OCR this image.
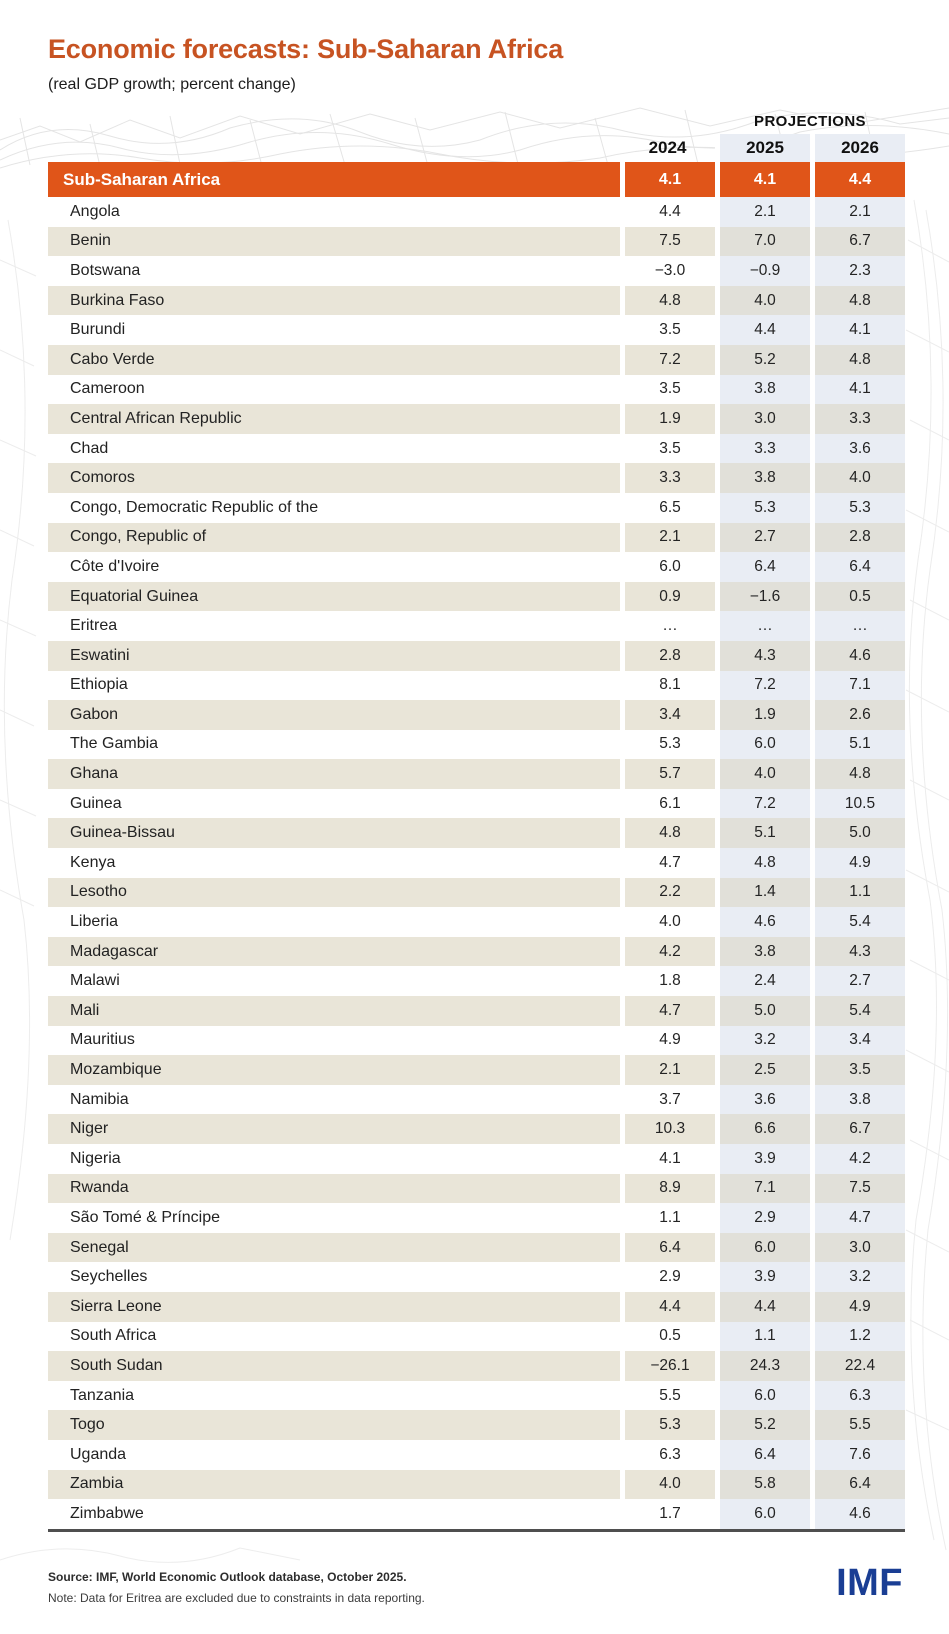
Economic forecasts: Sub-Saharan Africa
(real GDP growth; percent change)
		PROJECTIONS	
	2024	2025	2026
Sub-Saharan Africa	4.1	4.1	4.4
Angola	4.4	2.1	2.1
Benin	7.5	7.0	6.7
Botswana	−3.0	−0.9	2.3
Burkina Faso	4.8	4.0	4.8
Burundi	3.5	4.4	4.1
Cabo Verde	7.2	5.2	4.8
Cameroon	3.5	3.8	4.1
Central African Republic	1.9	3.0	3.3
Chad	3.5	3.3	3.6
Comoros	3.3	3.8	4.0
Congo, Democratic Republic of the	6.5	5.3	5.3
Congo, Republic of	2.1	2.7	2.8
Côte d'Ivoire	6.0	6.4	6.4
Equatorial Guinea	0.9	−1.6	0.5
Eritrea	…	…	…
Eswatini	2.8	4.3	4.6
Ethiopia	8.1	7.2	7.1
Gabon	3.4	1.9	2.6
The Gambia	5.3	6.0	5.1
Ghana	5.7	4.0	4.8
Guinea	6.1	7.2	10.5
Guinea-Bissau	4.8	5.1	5.0
Kenya	4.7	4.8	4.9
Lesotho	2.2	1.4	1.1
Liberia	4.0	4.6	5.4
Madagascar	4.2	3.8	4.3
Malawi	1.8	2.4	2.7
Mali	4.7	5.0	5.4
Mauritius	4.9	3.2	3.4
Mozambique	2.1	2.5	3.5
Namibia	3.7	3.6	3.8
Niger	10.3	6.6	6.7
Nigeria	4.1	3.9	4.2
Rwanda	8.9	7.1	7.5
São Tomé & Príncipe	1.1	2.9	4.7
Senegal	6.4	6.0	3.0
Seychelles	2.9	3.9	3.2
Sierra Leone	4.4	4.4	4.9
South Africa	0.5	1.1	1.2
South Sudan	−26.1	24.3	22.4
Tanzania	5.5	6.0	6.3
Togo	5.3	5.2	5.5
Uganda	6.3	6.4	7.6
Zambia	4.0	5.8	6.4
Zimbabwe	1.7	6.0	4.6
Source: IMF, World Economic Outlook database, October 2025.
Note: Data for Eritrea are excluded due to constraints in data reporting.	IMF
